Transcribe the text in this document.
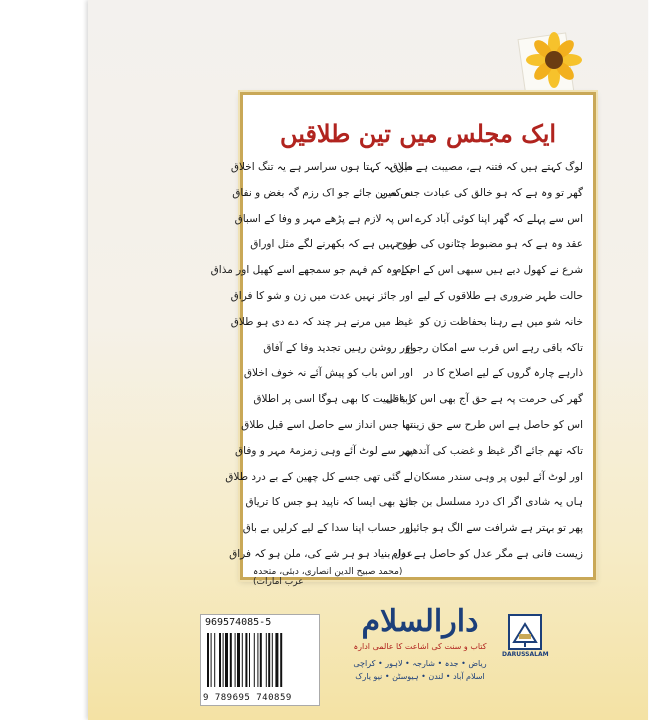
ایک مجلس میں تین طلاقیں
لوگ کہتے ہیں کہ فتنہ ہے، مصیبت ہے طلاق
گھر تو وہ ہے کہ ہو خالق کی عبادت جس میں
اس سے پہلے کہ گھر اپنا کوئی آباد کرے
عقد وہ ہے کہ ہو مضبوط چٹانوں کی طرح
شرع نے کھول دیے ہیں سبھی اس کے احکام
حالت طہر ضروری ہے طلاقوں کے لیے
خانہ شو میں ہے رہنا بحفاظت زن کو
تاکہ باقی رہے اس قرب سے امکان رجوع
ذارہے چارہ گروں کے لیے اصلاح کا در
گھر کی حرمت پہ ہے حق آج بھی اس کا باقی
اس کو حاصل ہے اس طرح سے حق زینت
تاکہ تھم جائے اگر غیظ و غضب کی آندھی
اور لوٹ آئے لبوں پر وہی سندر مسکان
ہاں یہ شادی اگر اک درد مسلسل بن جائے
پھر تو بہتر ہے شرافت سے الگ ہو جائیں
زیست فانی ہے مگر عدل کو حاصل ہے دوام
میں یہ کہتا ہوں سراسر ہے یہ تنگ اخلاق
نہ کہ بن جائے جو اک رزم گہ بغض و نفاق
اس پہ لازم ہے پڑھے مہر و وفا کے اسباق
وہ نہیں ہے کہ بکھرنے لگے مثل اوراق
ہے وہ کم فہم جو سمجھے اسے کھیل اور مذاق
اور جائز نہیں عدت میں زن و شو کا فراق
غیظ میں مرنے ہر چند کہ دے دی ہو طلاق
اور روشن رہیں تجدید وفا کے آفاق
اور اس باب کو پیش آئے نہ خوف اخلاق
ربۂ البیت کا بھی ہوگا اسی پر اطلاق
تھا جس انداز سے حاصل اسے قبل طلاق
پھر سے لوٹ آئے وہی زمزمۂ مہر و وفاق
لے گئی تھی جسے کل چھین کے بے درد طلاق
درد بھی ایسا کہ ناپید ہو جس کا تریاق
اور حساب اپنا سدا کے لیے کرلیں بے باق
عدل بنیاد ہو ہر شے کی، ملن ہو کہ فراق
(محمد صبیح الدین انصاری، دبئی، متحدہ عرب امارات)
969574085-5
9 789695 740859
دارالسلام
کتاب و سنت کی اشاعت کا عالمی ادارہ
ریاض • جدہ • شارجہ • لاہور • کراچی
اسلام آباد • لندن • ہیوسٹن • نیو یارک
DARUSSALAM
